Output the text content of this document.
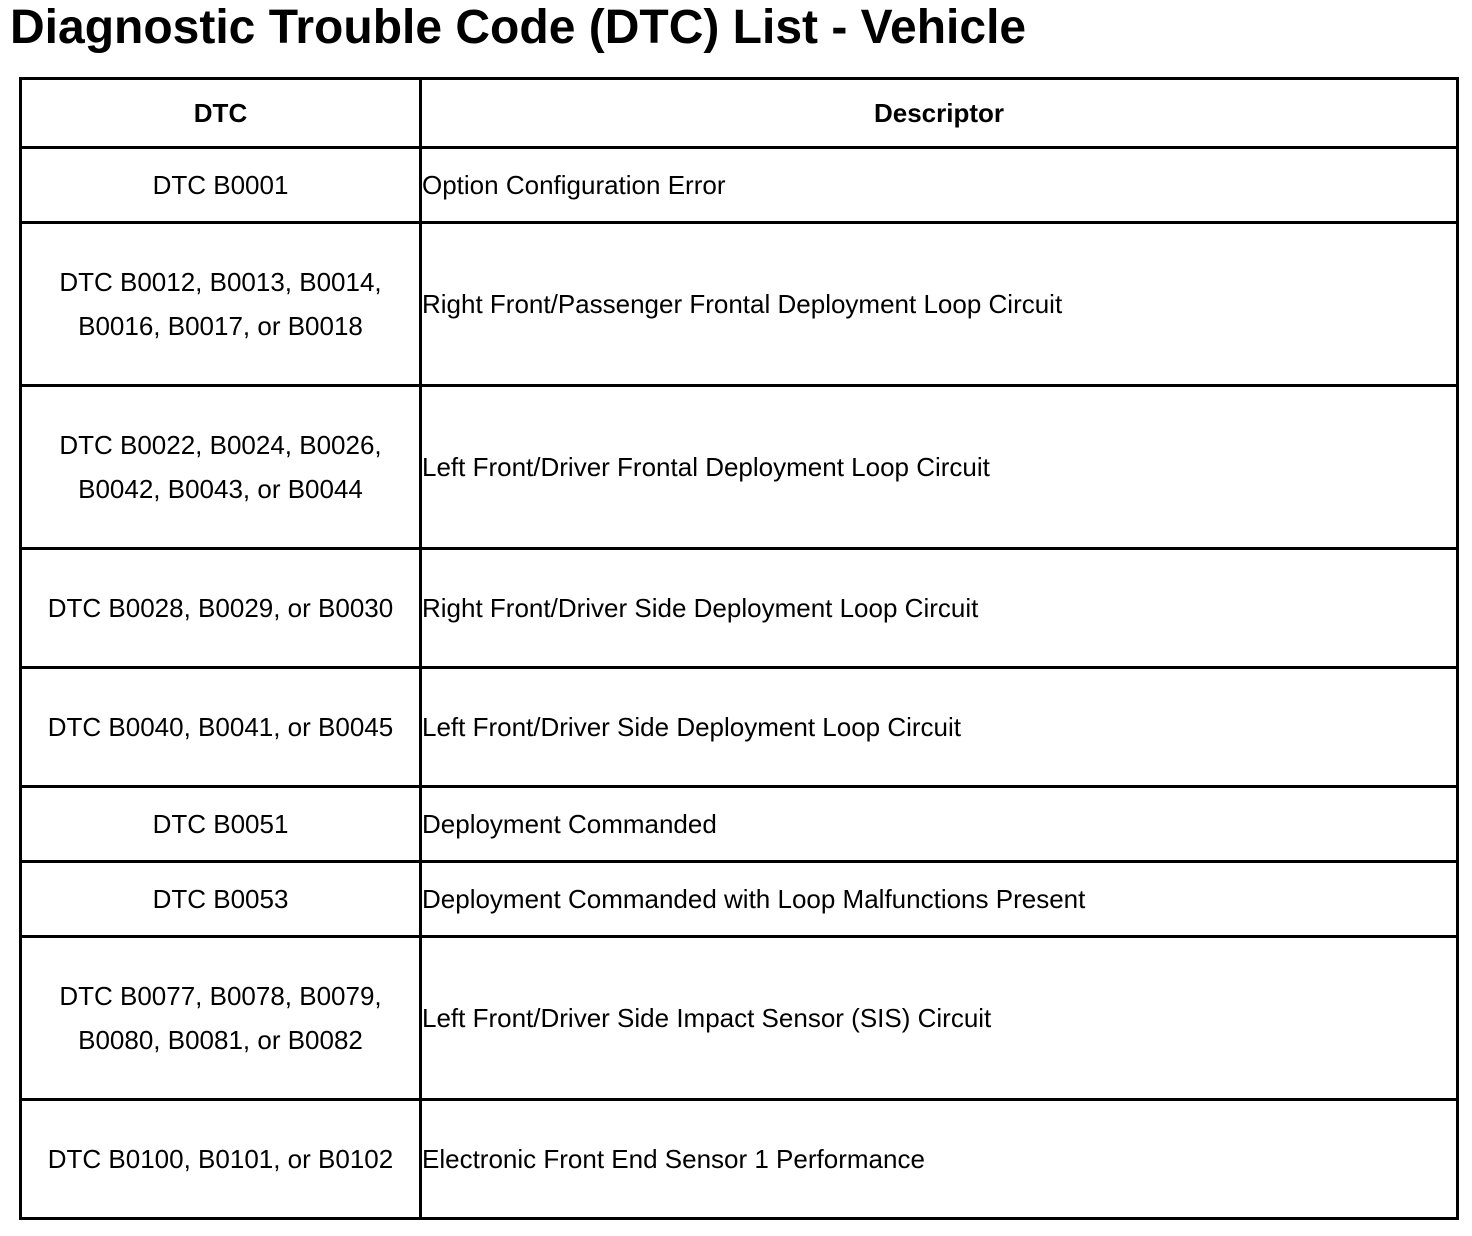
Diagnostic Trouble Code (DTC) List - Vehicle
DTC	Descriptor
DTC B0001	Option Configuration Error
DTC B0012, B0013, B0014, B0016, B0017, or B0018	Right Front/Passenger Frontal Deployment Loop Circuit
DTC B0022, B0024, B0026, B0042, B0043, or B0044	Left Front/Driver Frontal Deployment Loop Circuit
DTC B0028, B0029, or B0030	Right Front/Driver Side Deployment Loop Circuit
DTC B0040, B0041, or B0045	Left Front/Driver Side Deployment Loop Circuit
DTC B0051	Deployment Commanded
DTC B0053	Deployment Commanded with Loop Malfunctions Present
DTC B0077, B0078, B0079, B0080, B0081, or B0082	Left Front/Driver Side Impact Sensor (SIS) Circuit
DTC B0100, B0101, or B0102	Electronic Front End Sensor 1 Performance
